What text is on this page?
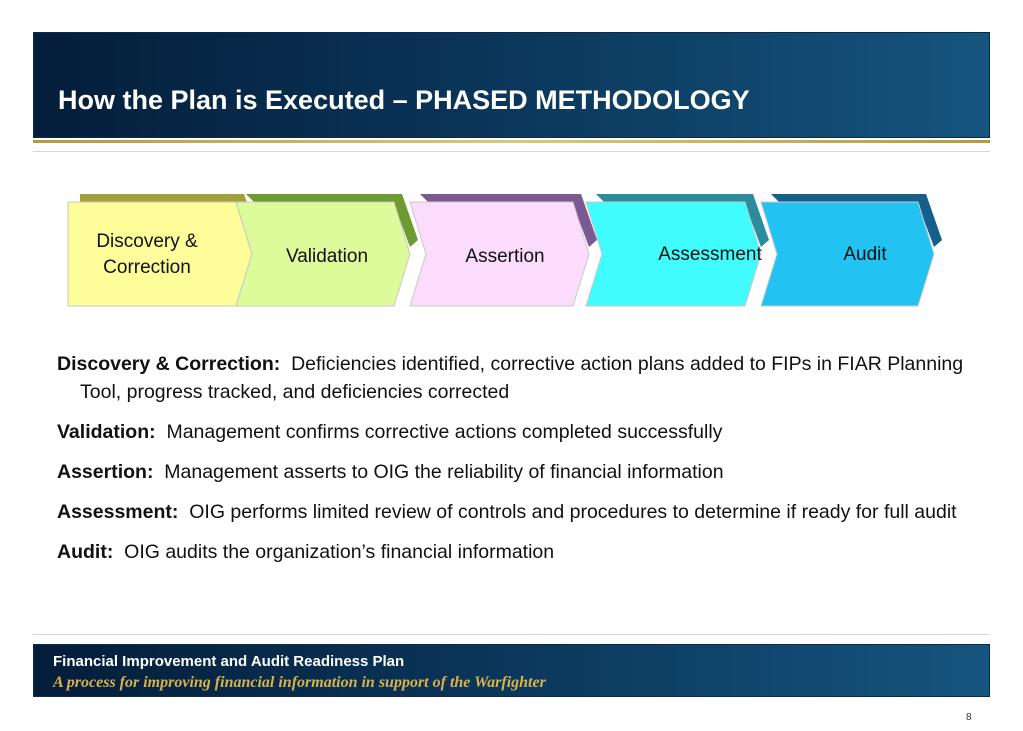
How the Plan is Executed – PHASED METHODOLOGY
Discovery & Correction
Validation	Assertion	Assessment	Audit
Discovery & Correction: Deficiencies identified, corrective action plans added to FIPs in FIAR Planning Tool, progress tracked, and deficiencies corrected
Validation: Management confirms corrective actions completed successfully
Assertion: Management asserts to OIG the reliability of financial information
Assessment: OIG performs limited review of controls and procedures to determine if ready for full audit
Audit: OIG audits the organization’s financial information
Financial Improvement and Audit Readiness Plan
A process for improving financial information in support of the Warfighter
8
